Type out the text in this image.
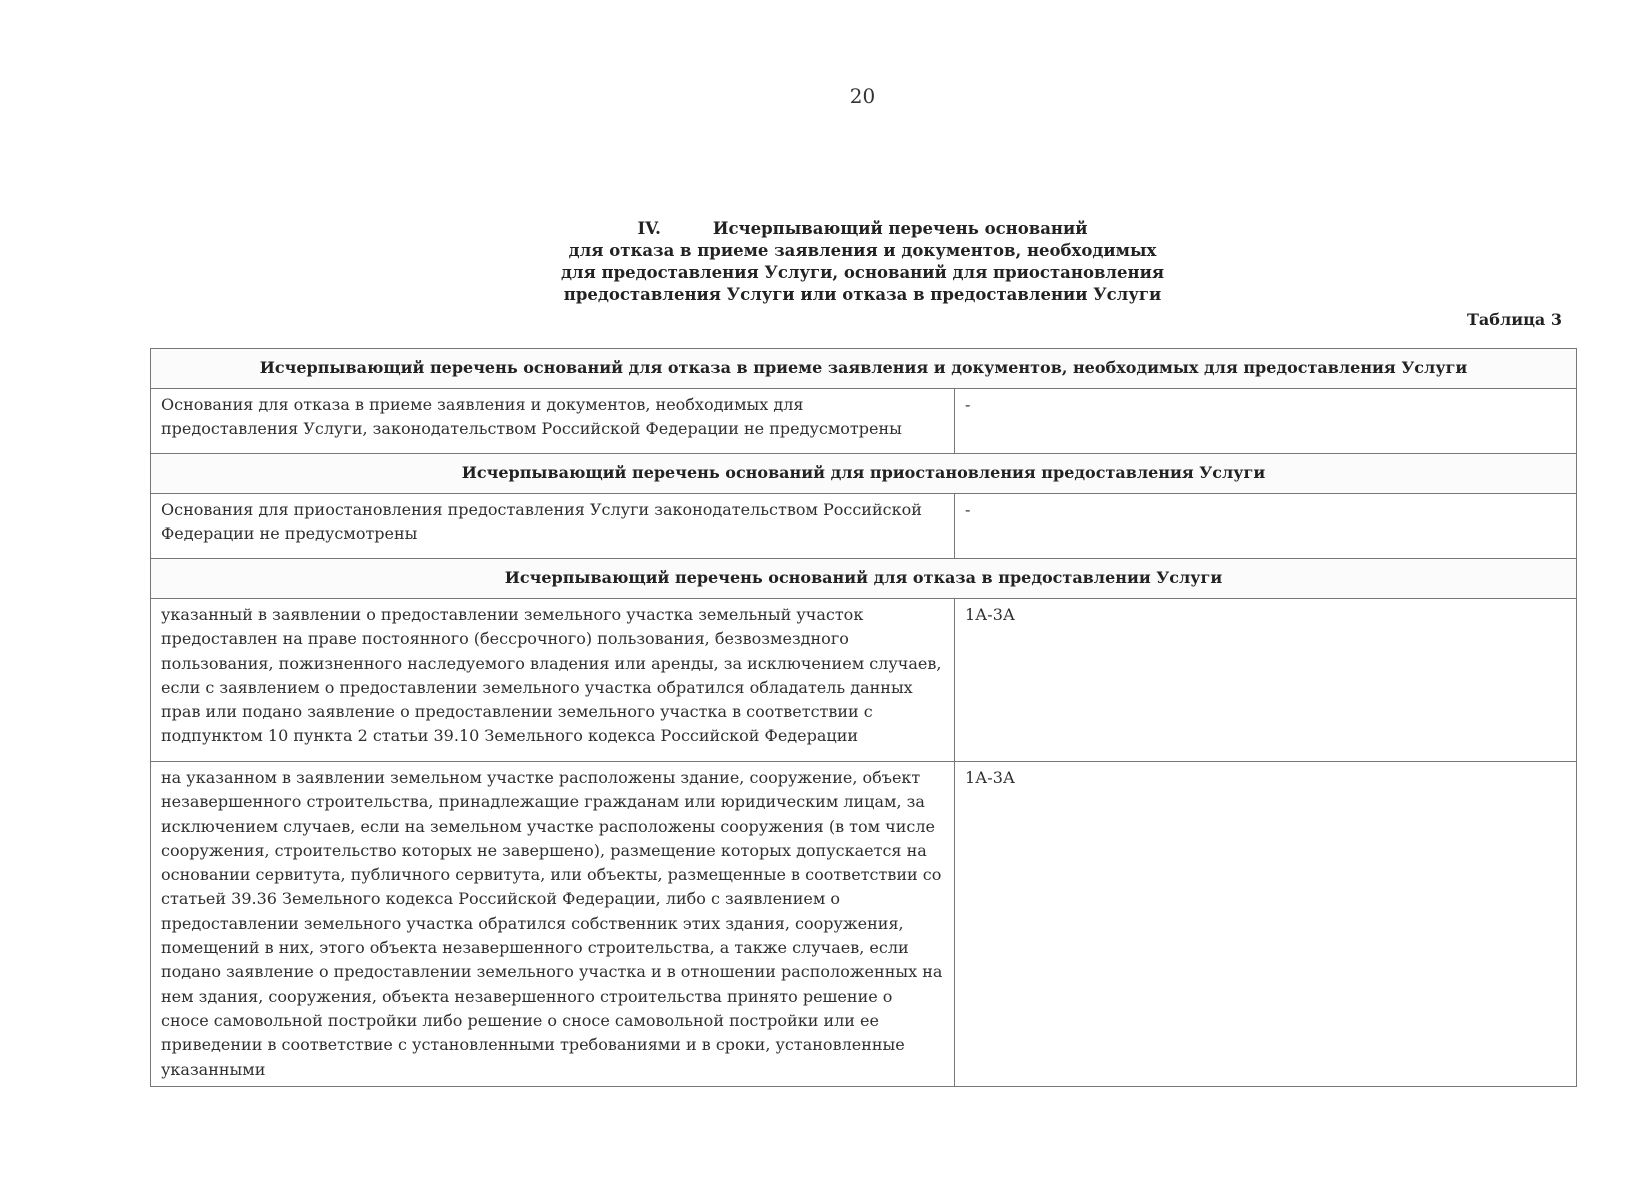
20
IV.	Исчерпывающий перечень оснований
для отказа в приеме заявления и документов, необходимых
для предоставления Услуги, оснований для приостановления
предоставления Услуги или отказа в предоставлении Услуги
Таблица 3
Исчерпывающий перечень оснований для отказа в приеме заявления и документов, необходимых для предоставления Услуги	
Основания для отказа в приеме заявления и документов, необходимых для предоставления Услуги, законодательством Российской Федерации не предусмотрены	-
Исчерпывающий перечень оснований для приостановления предоставления Услуги	
Основания для приостановления предоставления Услуги законодательством Российской Федерации не предусмотрены	-
Исчерпывающий перечень оснований для отказа в предоставлении Услуги	
указанный в заявлении о предоставлении земельного участка земельный участок предоставлен на праве постоянного (бессрочного) пользования, безвозмездного пользования, пожизненного наследуемого владения или аренды, за исключением случаев, если с заявлением о предоставлении земельного участка обратился обладатель данных прав или подано заявление о предоставлении земельного участка в соответствии с подпунктом 10 пункта 2 статьи 39.10 Земельного кодекса Российской Федерации	1А-3А
на указанном в заявлении земельном участке расположены здание, сооружение, объект незавершенного строительства, принадлежащие гражданам или юридическим лицам, за исключением случаев, если на земельном участке расположены сооружения (в том числе сооружения, строительство которых не завершено), размещение которых допускается на основании сервитута, публичного сервитута, или объекты, размещенные в соответствии со статьей 39.36 Земельного кодекса Российской Федерации, либо с заявлением о предоставлении земельного участка обратился собственник этих здания, сооружения, помещений в них, этого объекта незавершенного строительства, а также случаев, если подано заявление о предоставлении земельного участка и в отношении расположенных на нем здания, сооружения, объекта незавершенного строительства принято решение о сносе самовольной постройки либо решение о сносе самовольной постройки или ее приведении в соответствие с установленными требованиями и в сроки, установленные указанными	1А-3А
